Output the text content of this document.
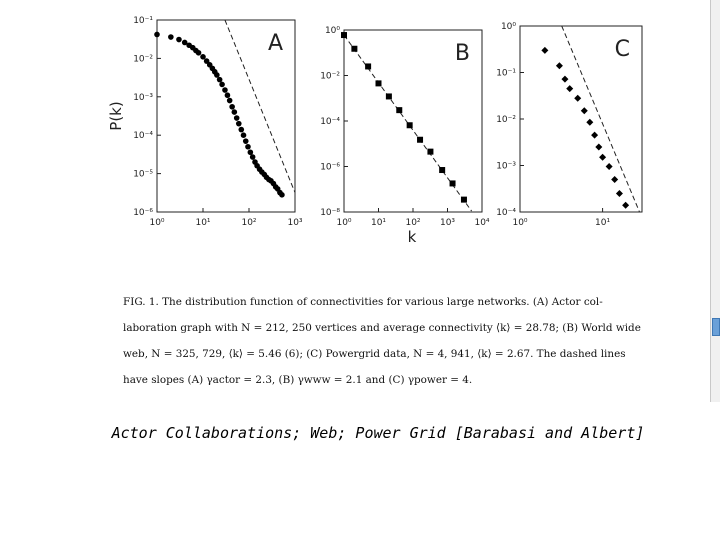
10⁰	10¹	10²	10³
10⁻¹
10⁻²
10⁻³
10⁻⁴
10⁻⁵
10⁻⁶
A
P(k)
10⁰ 10¹ 10² 10³ 10⁴
10⁰
10⁻²
10⁻⁴
10⁻⁶
10⁻⁸
B
k
10⁰	10¹
10⁰
10⁻¹
10⁻²
10⁻³
10⁻⁴
C
FIG. 1. The distribution function of connectivities for various large networks. (A) Actor col-
laboration graph with N = 212, 250 vertices and average connectivity ⟨k⟩ = 28.78; (B) World wide
web, N = 325, 729, ⟨k⟩ = 5.46 (6); (C) Powergrid data, N = 4, 941, ⟨k⟩ = 2.67. The dashed lines
have slopes (A) γactor = 2.3, (B) γwww = 2.1 and (C) γpower = 4.
Actor Collaborations; Web; Power Grid [Barabasi and Albert]
